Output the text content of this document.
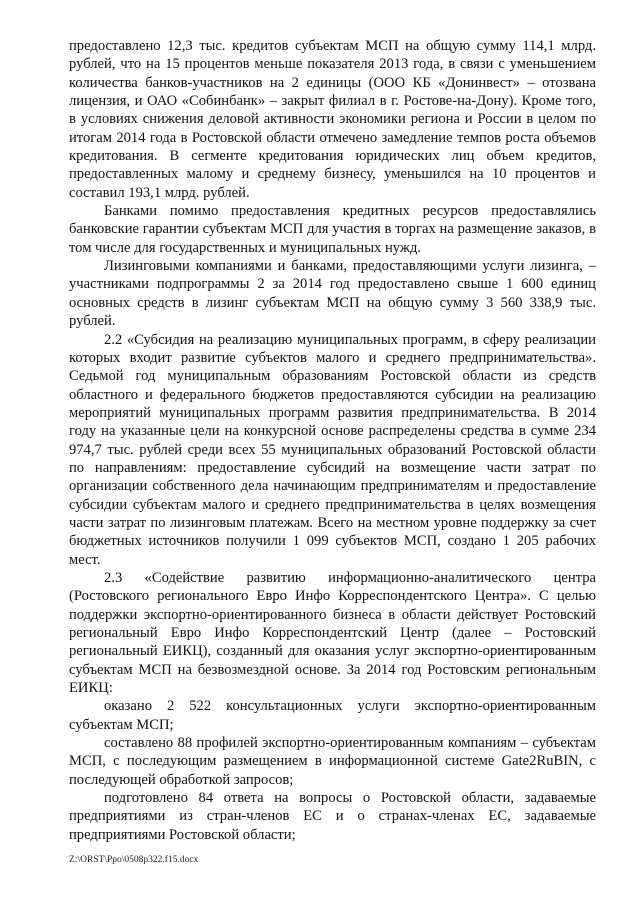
предоставлено 12,3 тыс. кредитов субъектам МСП на общую сумму 114,1 млрд. рублей, что на 15 процентов меньше показателя 2013 года, в связи с уменьшением количества банков-участников на 2 единицы (ООО КБ «Донинвест» – отозвана лицензия, и ОАО «Собинбанк» – закрыт филиал в г. Ростове-на-Дону). Кроме того, в условиях снижения деловой активности экономики региона и России в целом по итогам 2014 года в Ростовской области отмечено замедление темпов роста объемов кредитования. В сегменте кредитования юридических лиц объем кредитов, предоставленных малому и среднему бизнесу, уменьшился на 10 процентов и составил 193,1 млрд. рублей.

Банками помимо предоставления кредитных ресурсов предоставлялись банковские гарантии субъектам МСП для участия в торгах на размещение заказов, в том числе для государственных и муниципальных нужд.

Лизинговыми компаниями и банками, предоставляющими услуги лизинга, – участниками подпрограммы 2 за 2014 год предоставлено свыше 1 600 единиц основных средств в лизинг субъектам МСП на общую сумму 3 560 338,9 тыс. рублей.

2.2 «Субсидия на реализацию муниципальных программ, в сферу реализации которых входит развитие субъектов малого и среднего предпринимательства». Седьмой год муниципальным образованиям Ростовской области из средств областного и федерального бюджетов предоставляются субсидии на реализацию мероприятий муниципальных программ развития предпринимательства. В 2014 году на указанные цели на конкурсной основе распределены средства в сумме 234 974,7 тыс. рублей среди всех 55 муниципальных образований Ростовской области по направлениям: предоставление субсидий на возмещение части затрат по организации собственного дела начинающим предпринимателям и предоставление субсидии субъектам малого и среднего предпринимательства в целях возмещения части затрат по лизинговым платежам. Всего на местном уровне поддержку за счет бюджетных источников получили 1 099 субъектов МСП, создано 1 205 рабочих мест.

2.3 «Содействие развитию информационно-аналитического центра (Ростовского регионального Евро Инфо Корреспондентского Центра». С целью поддержки экспортно-ориентированного бизнеса в области действует Ростовский региональный Евро Инфо Корреспондентский Центр (далее – Ростовский региональный ЕИКЦ), созданный для оказания услуг экспортно-ориентированным субъектам МСП на безвозмездной основе. За 2014 год Ростовским региональным ЕИКЦ:

оказано 2 522 консультационных услуги экспортно-ориентированным субъектам МСП;

составлено 88 профилей экспортно-ориентированным компаниям – субъектам МСП, с последующим размещением в информационной системе Gate2RuBIN, с последующей обработкой запросов;

подготовлено 84 ответа на вопросы о Ростовской области, задаваемые предприятиями из стран-членов ЕС и о странах-членах ЕС, задаваемые предприятиями Ростовской области;

Z:\ORST\Ppo\0508p322.f15.docx
